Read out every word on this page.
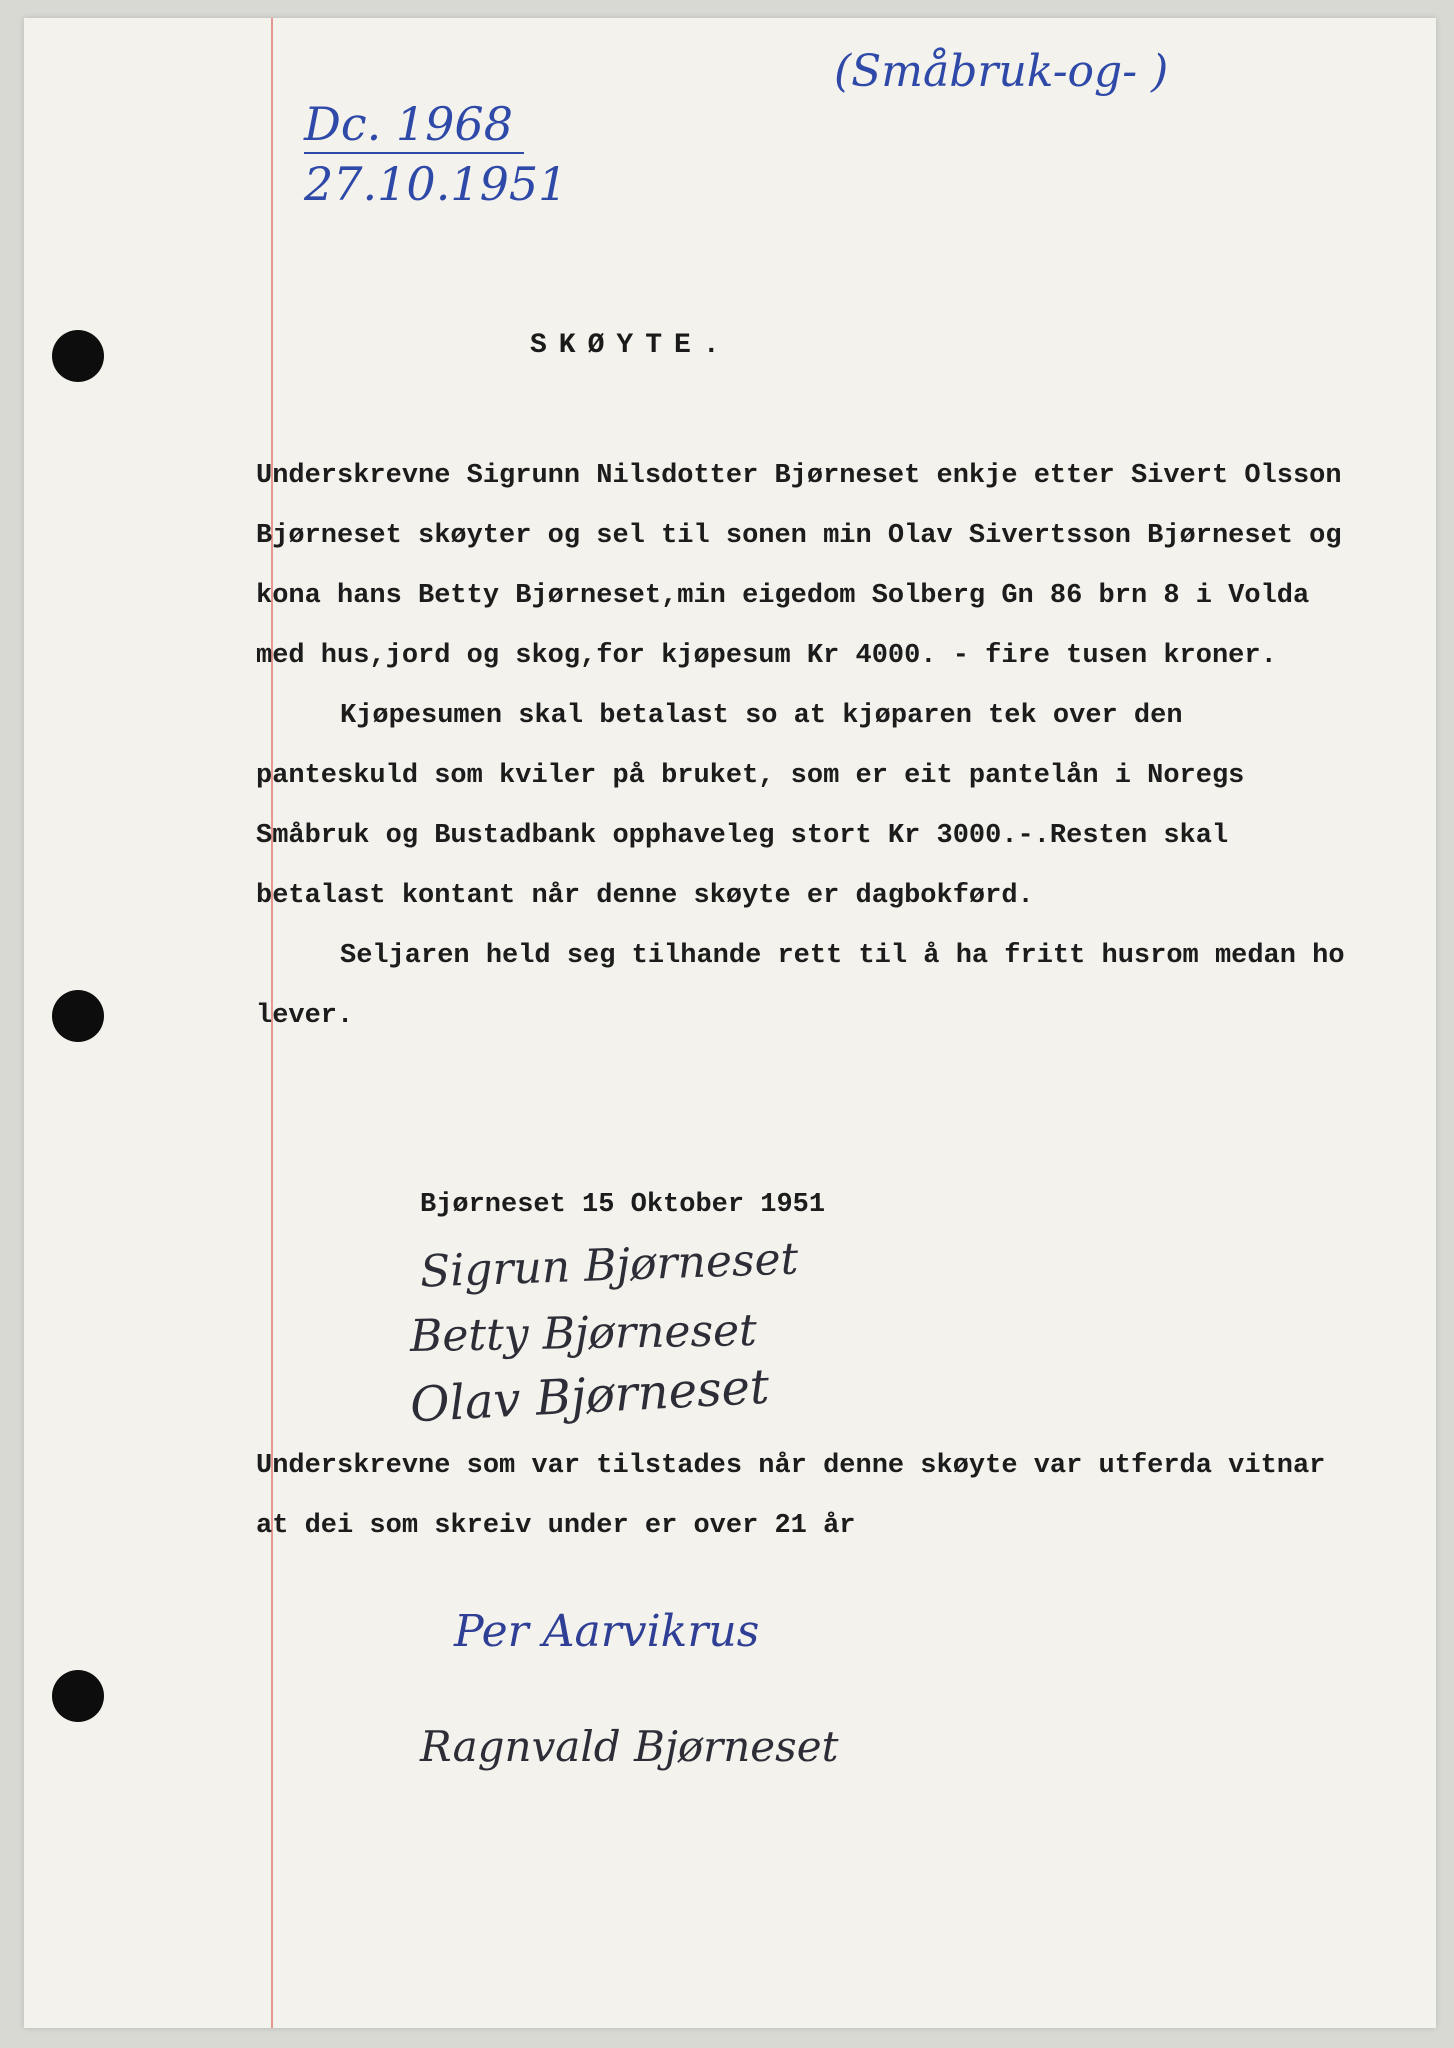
Dc. 1968
27.10.1951
(Småbruk-og- )
SKØYTE.

Underskrevne Sigrunn Nilsdotter Bjørneset enkje etter Sivert Olsson Bjørneset skøyter og sel til sonen min Olav Sivertsson Bjørneset og kona hans Betty Bjørneset,min eigedom Solberg Gn 86 brn 8 i Volda med hus,jord og skog,for kjøpesum Kr 4000. - fire tusen kroner.

Kjøpesumen skal betalast so at kjøparen tek over den panteskuld som kviler på bruket, som er eit pantelån i Noregs Småbruk og Bustadbank opphaveleg stort Kr 3000.-.Resten skal betalast kontant når denne skøyte er dagbokførd.

Seljaren held seg tilhande rett til å ha fritt husrom medan ho lever.

Bjørneset 15 Oktober 1951
Sigrun Bjørneset
Betty Bjørneset
Olav Bjørneset

Underskrevne som var tilstades når denne skøyte var utferda vitnar at dei som skreiv under er over 21 år

Per Aarvikrus
Ragnvald Bjørneset
